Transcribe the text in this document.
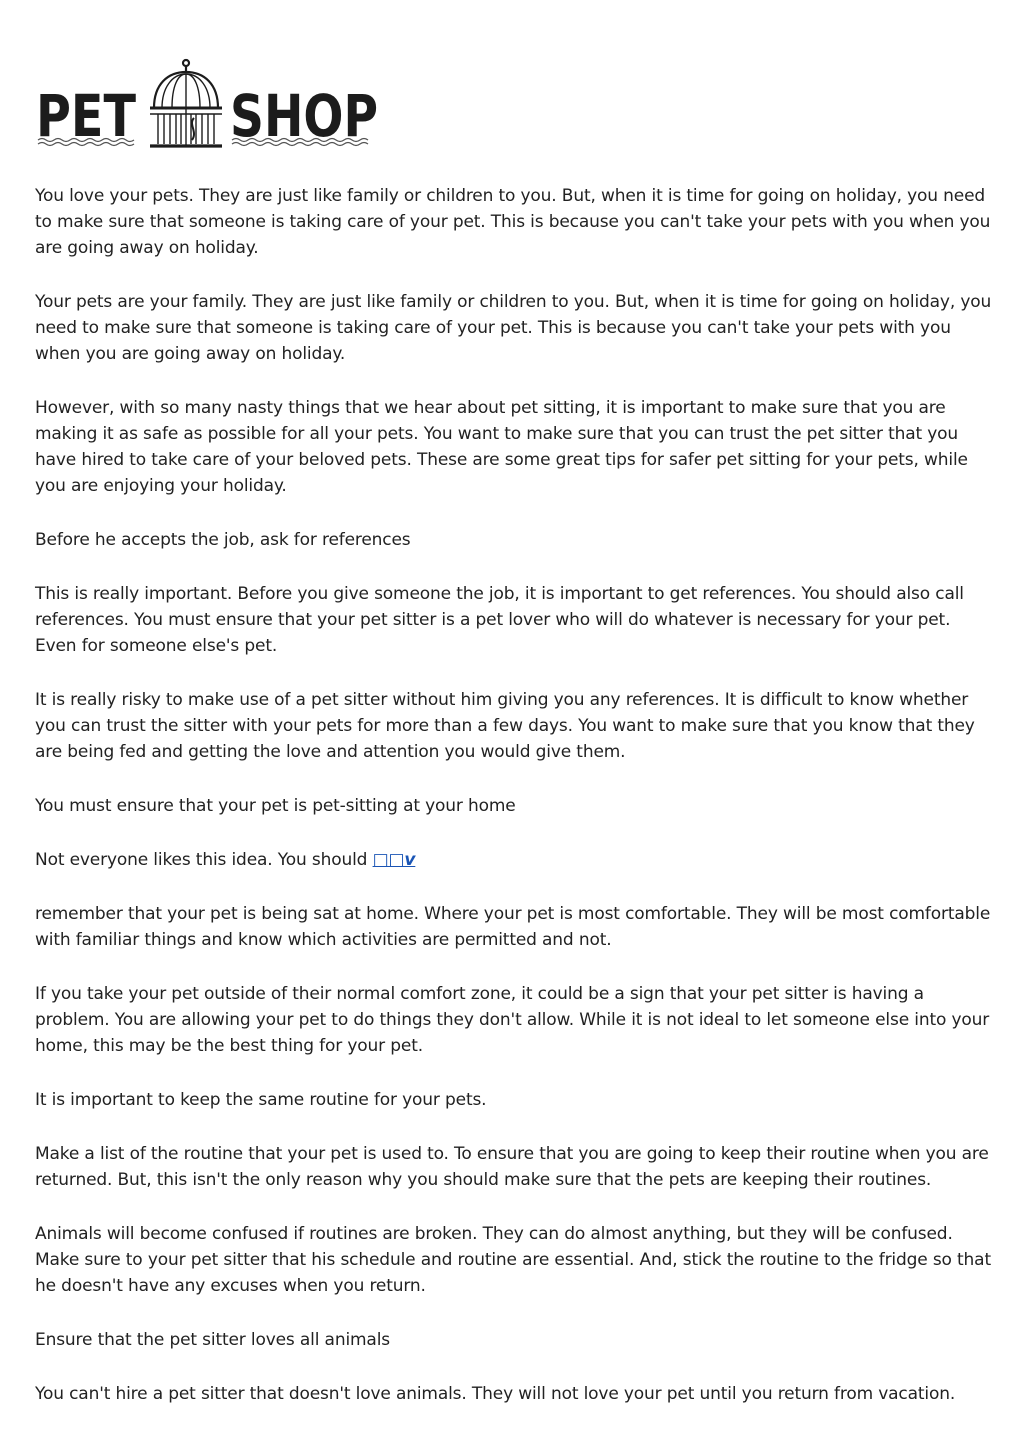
PET SHOP

You love your pets. They are just like family or children to you. But, when it is time for going on holiday, you need to make sure that someone is taking care of your pet. This is because you can't take your pets with you when you are going away on holiday.

Your pets are your family. They are just like family or children to you. But, when it is time for going on holiday, you need to make sure that someone is taking care of your pet. This is because you can't take your pets with you when you are going away on holiday.

However, with so many nasty things that we hear about pet sitting, it is important to make sure that you are making it as safe as possible for all your pets. You want to make sure that you can trust the pet sitter that you have hired to take care of your beloved pets. These are some great tips for safer pet sitting for your pets, while you are enjoying your holiday.

Before he accepts the job, ask for references

This is really important. Before you give someone the job, it is important to get references. You should also call references. You must ensure that your pet sitter is a pet lover who will do whatever is necessary for your pet. Even for someone else's pet.

It is really risky to make use of a pet sitter without him giving you any references. It is difficult to know whether you can trust the sitter with your pets for more than a few days. You want to make sure that you know that they are being fed and getting the love and attention you would give them.

You must ensure that your pet is pet-sitting at your home

Not everyone likes this idea. You should □□v

remember that your pet is being sat at home. Where your pet is most comfortable. They will be most comfortable with familiar things and know which activities are permitted and not.

If you take your pet outside of their normal comfort zone, it could be a sign that your pet sitter is having a problem. You are allowing your pet to do things they don't allow. While it is not ideal to let someone else into your home, this may be the best thing for your pet.

It is important to keep the same routine for your pets.

Make a list of the routine that your pet is used to. To ensure that you are going to keep their routine when you are returned. But, this isn't the only reason why you should make sure that the pets are keeping their routines.

Animals will become confused if routines are broken. They can do almost anything, but they will be confused. Make sure to your pet sitter that his schedule and routine are essential. And, stick the routine to the fridge so that he doesn't have any excuses when you return.

Ensure that the pet sitter loves all animals

You can't hire a pet sitter that doesn't love animals. They will not love your pet until you return from vacation.
